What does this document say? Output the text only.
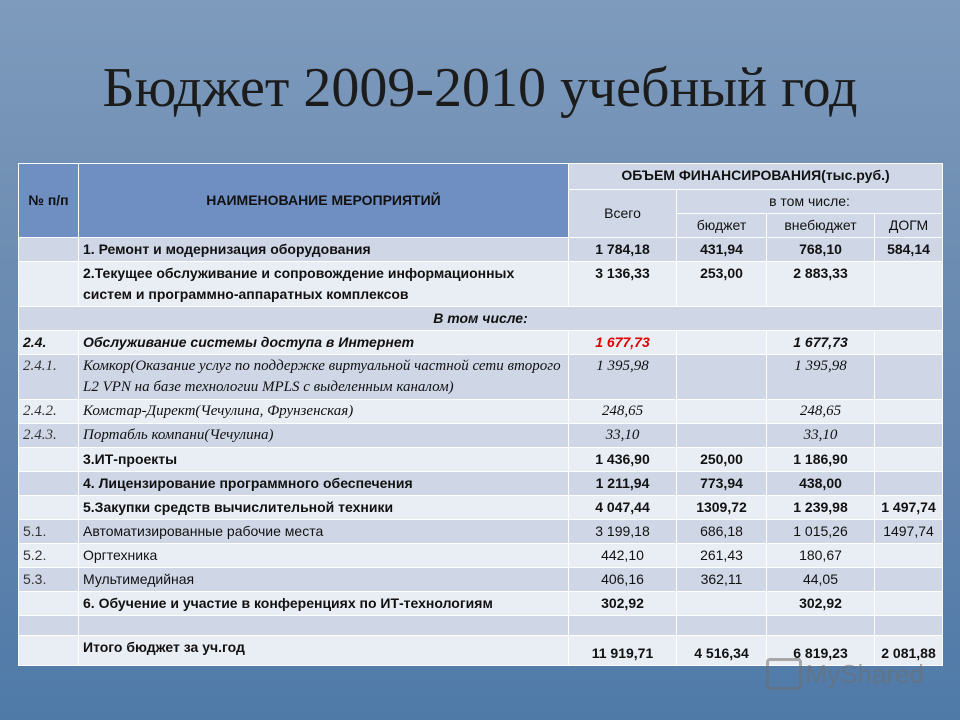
Бюджет 2009-2010 учебный год
№ п/п	НАИМЕНОВАНИЕ МЕРОПРИЯТИЙ	ОБЪЕМ ФИНАНСИРОВАНИЯ(тыс.руб.)			
		Всего	в том числе:		
			бюджет	внебюджет	ДОГМ
	1. Ремонт и модернизация оборудования	1 784,18	431,94	768,10	584,14
	2.Текущее обслуживание и сопровождение информационных систем и программно-аппаратных комплексов	3 136,33	253,00	2 883,33	
В том числе:					
2.4.	Обслуживание системы доступа в Интернет	1 677,73		1 677,73	
2.4.1.	Комкор(Оказание услуг по поддержке виртуальной частной сети второго L2 VPN на базе технологии MPLS с выделенным каналом)	1 395,98		1 395,98	
2.4.2.	Комстар-Директ(Чечулина, Фрунзенская)	248,65		248,65	
2.4.3.	Портабль компани(Чечулина)	33,10		33,10	
	3.ИТ-проекты	1 436,90	250,00	1 186,90	
	4. Лицензирование программного обеспечения	1 211,94	773,94	438,00	
	5.Закупки средств вычислительной техники	4 047,44	1309,72	1 239,98	1 497,74
5.1.	Автоматизированные рабочие места	3 199,18	686,18	1 015,26	1497,74
5.2.	Оргтехника	442,10	261,43	180,67	
5.3.	Мультимедийная	406,16	362,11	44,05	
	6. Обучение и участие в конференциях по ИТ-технологиям	302,92		302,92	

	Итого бюджет за уч.год	11 919,71	4 516,34	6 819,23	2 081,88
MyShared
